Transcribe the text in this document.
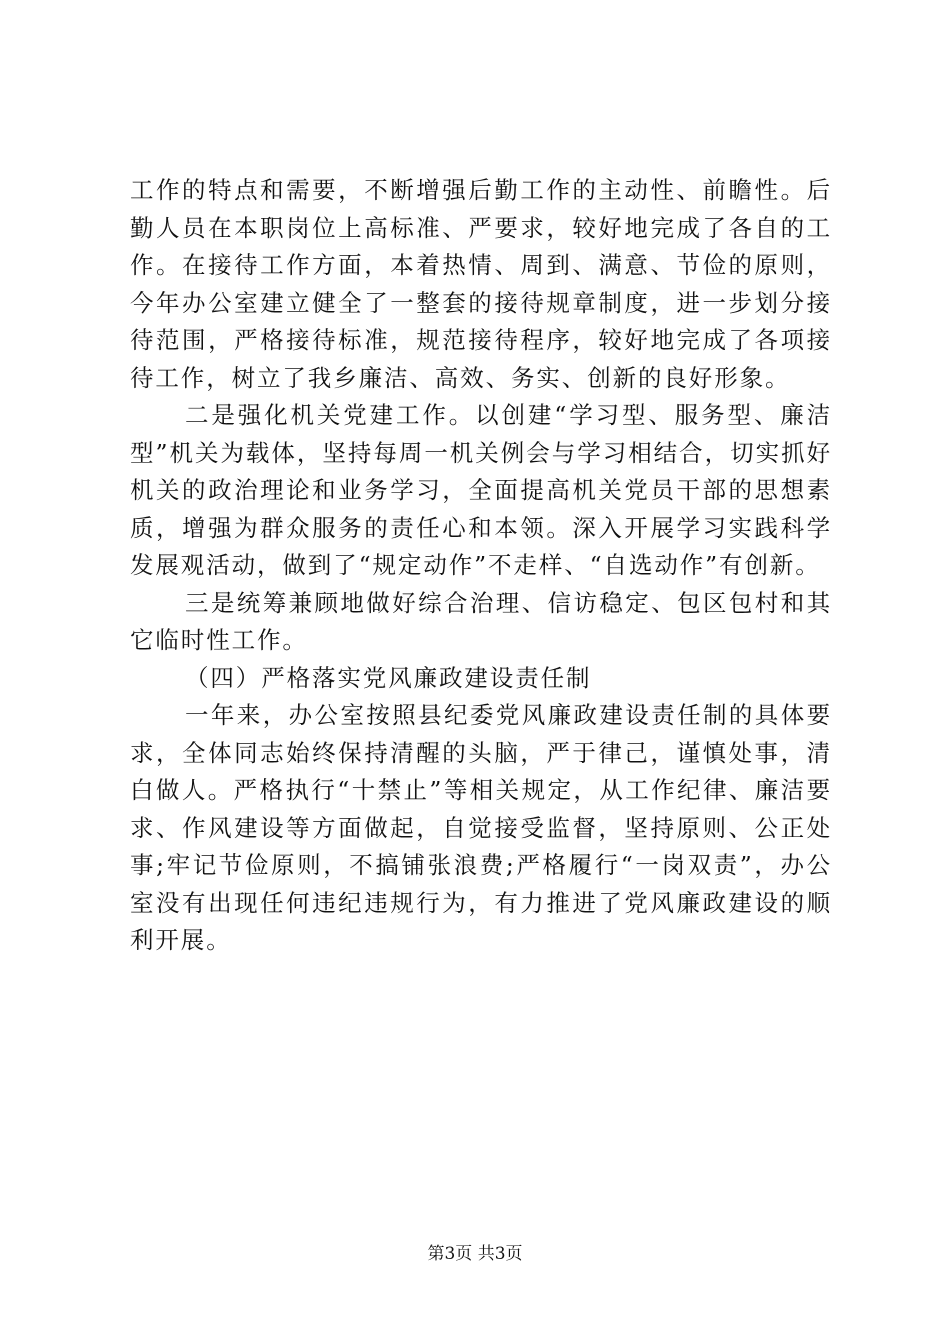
工作的特点和需要，不断增强后勤工作的主动性、前瞻性。后勤人员在本职岗位上高标准、严要求，较好地完成了各自的工作。在接待工作方面，本着热情、周到、满意、节俭的原则，今年办公室建立健全了一整套的接待规章制度，进一步划分接待范围，严格接待标准，规范接待程序，较好地完成了各项接待工作，树立了我乡廉洁、高效、务实、创新的良好形象。

二是强化机关党建工作。以创建“学习型、服务型、廉洁型”机关为载体，坚持每周一机关例会与学习相结合，切实抓好机关的政治理论和业务学习，全面提高机关党员干部的思想素质，增强为群众服务的责任心和本领。深入开展学习实践科学发展观活动，做到了“规定动作”不走样、“自选动作”有创新。

三是统筹兼顾地做好综合治理、信访稳定、包区包村和其它临时性工作。

（四）严格落实党风廉政建设责任制

一年来，办公室按照县纪委党风廉政建设责任制的具体要求，全体同志始终保持清醒的头脑，严于律己，谨慎处事，清白做人。严格执行“十禁止”等相关规定，从工作纪律、廉洁要求、作风建设等方面做起，自觉接受监督，坚持原则、公正处事;牢记节俭原则，不搞铺张浪费;严格履行“一岗双责”，办公室没有出现任何违纪违规行为，有力推进了党风廉政建设的顺利开展。

第3页 共3页
